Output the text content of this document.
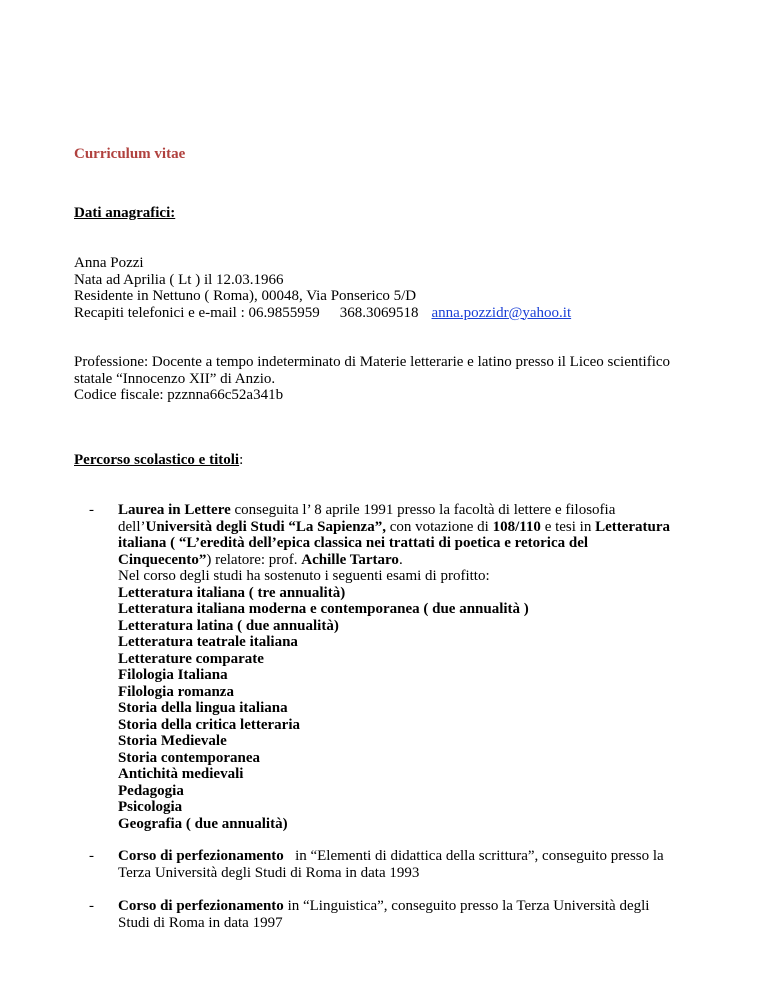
Curriculum vitae
Dati anagrafici:
Anna Pozzi
Nata ad Aprilia ( Lt ) il 12.03.1966
Residente in Nettuno ( Roma), 00048, Via Ponserico 5/D
Recapiti telefonici e e-mail : 06.9855959 368.3069518 anna.pozzidr@yahoo.it
Professione: Docente a tempo indeterminato di Materie letterarie e latino presso il Liceo scientifico
statale “Innocenzo XII” di Anzio.
Codice fiscale: pzznna66c52a341b
Percorso scolastico e titoli:
- Laurea in Lettere conseguita l’ 8 aprile 1991 presso la facoltà di lettere e filosofia
dell’Università degli Studi “La Sapienza”, con votazione di 108/110 e tesi in Letteratura
italiana ( “L’eredità dell’epica classica nei trattati di poetica e retorica del
Cinquecento”) relatore: prof. Achille Tartaro.
Nel corso degli studi ha sostenuto i seguenti esami di profitto:
Letteratura italiana ( tre annualità)
Letteratura italiana moderna e contemporanea ( due annualità )
Letteratura latina ( due annualità)
Letteratura teatrale italiana
Letterature comparate
Filologia Italiana
Filologia romanza
Storia della lingua italiana
Storia della critica letteraria
Storia Medievale
Storia contemporanea
Antichità medievali
Pedagogia
Psicologia
Geografia ( due annualità)
- Corso di perfezionamento   in “Elementi di didattica della scrittura”, conseguito presso la
Terza Università degli Studi di Roma in data 1993
- Corso di perfezionamento in “Linguistica”, conseguito presso la Terza Università degli
Studi di Roma in data 1997
